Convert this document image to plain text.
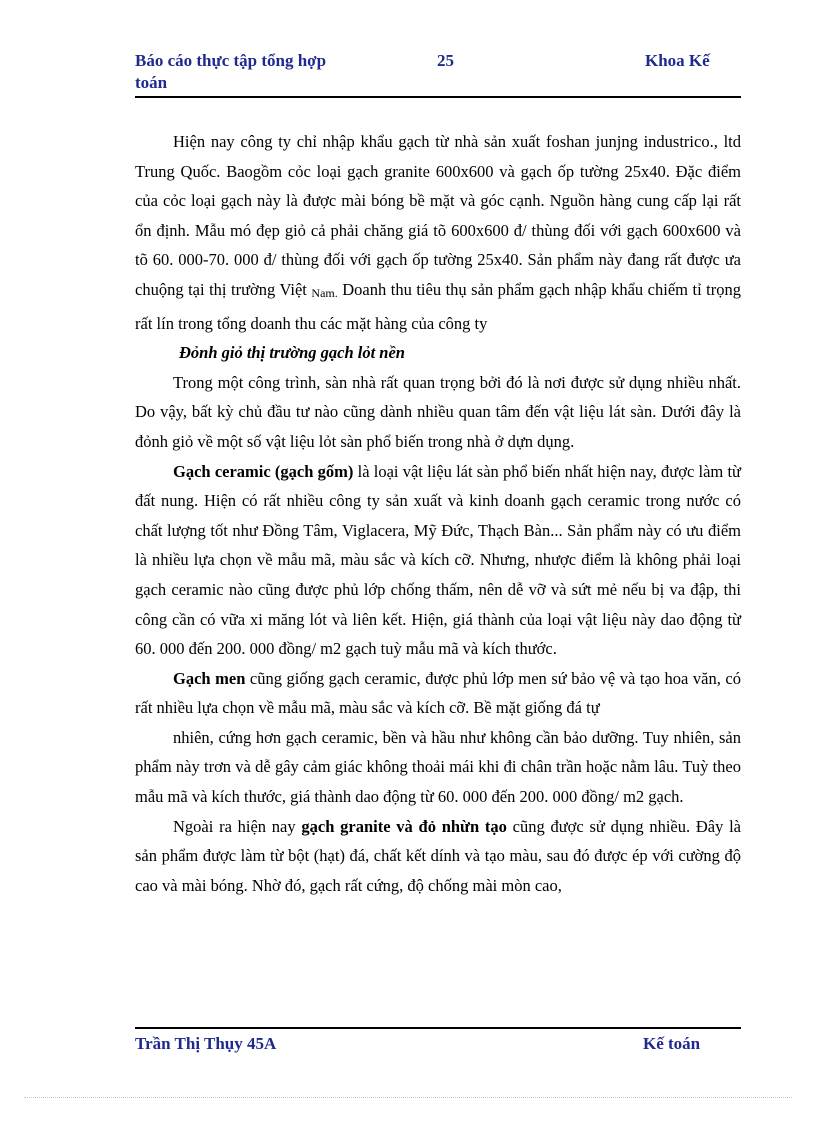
Báo cáo thực tập tổng hợp toán
25	Khoa Kế

Hiện nay công ty chỉ nhập khẩu gạch từ nhà sản xuất foshan junjng industrico., ltd Trung Quốc. Baogồm cỏc loại gạch granite 600x600 và gạch ốp tường 25x40. Đặc điểm của cỏc loại gạch này là được mài bóng bề mặt và góc cạnh. Nguồn hàng cung cấp lại rất ổn định. Mẫu mó đẹp giỏ cả phải chăng giá tõ 600x600 đ/ thùng đối với gạch 600x600 và tõ 60. 000-70. 000 đ/ thùng đối với gạch ốp tường 25x40. Sản phẩm này đang rất được ưa chuộng tại thị trường Việt Nam. Doanh thu tiêu thụ sản phẩm gạch nhập khẩu chiếm tỉ trọng rất lín trong tổng doanh thu các mặt hàng của công ty

Đỏnh giỏ thị trường gạch lỏt nền

Trong một công trình, sàn nhà rất quan trọng bởi đó là nơi được sử dụng nhiều nhất. Do vậy, bất kỳ chủ đầu tư nào cũng dành nhiều quan tâm đến vật liệu lát sàn. Dưới đây là đỏnh giỏ về một số vật liệu lỏt sàn phổ biến trong nhà ở dựn dụng.

Gạch ceramic (gạch gốm) là loại vật liệu lát sàn phổ biến nhất hiện nay, được làm từ đất nung. Hiện có rất nhiều công ty sản xuất và kinh doanh gạch ceramic trong nước có chất lượng tốt như Đồng Tâm, Viglacera, Mỹ Đức, Thạch Bàn... Sản phẩm này có ưu điểm là nhiều lựa chọn về mẫu mã, màu sắc và kích cỡ. Nhưng, nhược điểm là không phải loại gạch ceramic nào cũng được phủ lớp chống thấm, nên dễ vỡ và sứt mẻ nếu bị va đập, thi công cần có vữa xi măng lót và liên kết. Hiện, giá thành của loại vật liệu này dao động từ 60. 000 đến 200. 000 đồng/ m2 gạch tuỳ mẫu mã và kích thước.

Gạch men cũng giống gạch ceramic, được phủ lớp men sứ bảo vệ và tạo hoa văn, có rất nhiều lựa chọn về mẫu mã, màu sắc và kích cỡ. Bề mặt giống đá tự

nhiên, cứng hơn gạch ceramic, bền và hầu như không cần bảo dưỡng. Tuy nhiên, sản phẩm này trơn và dễ gây cảm giác không thoải mái khi đi chân trần hoặc nằm lâu. Tuỳ theo mẫu mã và kích thước, giá thành dao động từ 60. 000 đến 200. 000 đồng/ m2 gạch.

Ngoài ra hiện nay gạch granite và đỏ nhừn tạo cũng được sử dụng nhiều. Đây là sản phẩm được làm từ bột (hạt) đá, chất kết dính và tạo màu, sau đó được ép với cường độ cao và mài bóng. Nhờ đó, gạch rất cứng, độ chống mài mòn cao,

Trần Thị Thụy 45A	Kế toán
